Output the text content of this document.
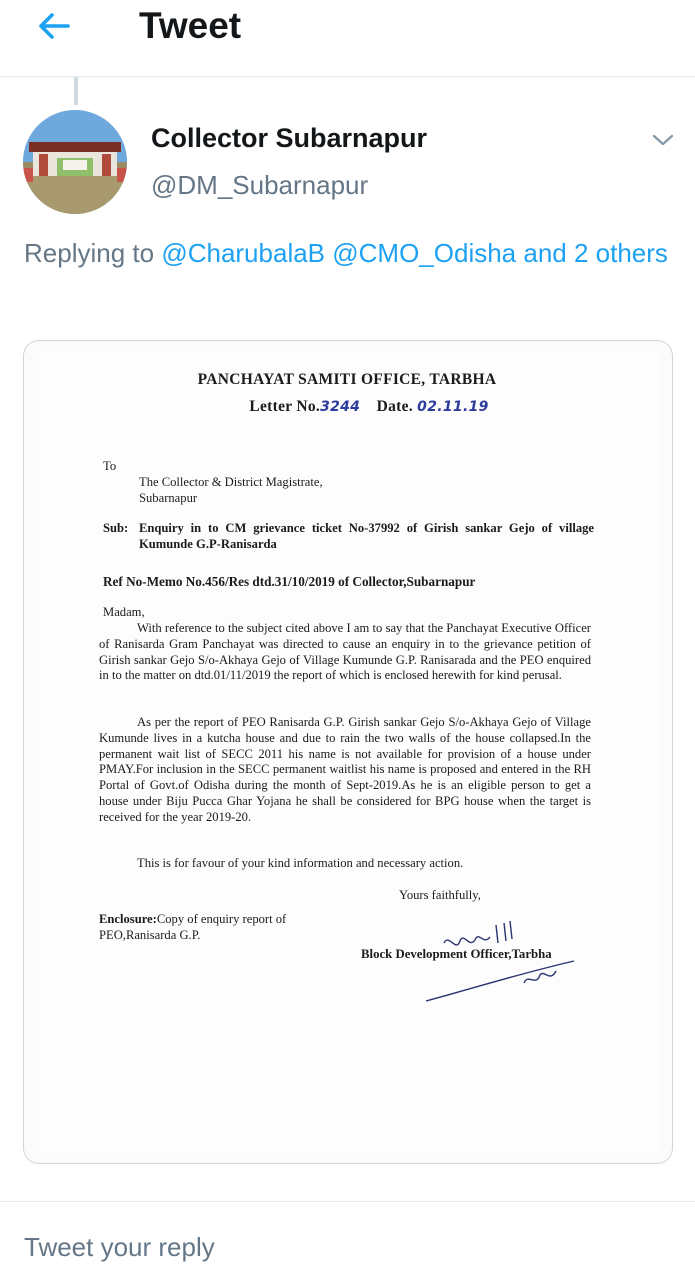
Tweet
Collector Subarnapur
@DM_Subarnapur
Replying to @CharubalaB @CMO_Odisha and 2 others
PANCHAYAT SAMITI OFFICE, TARBHA
Letter No.3244 Date. 02.11.19
To
The Collector & District Magistrate,
Subarnapur
Sub: Enquiry in to CM grievance ticket No-37992 of Girish sankar Gejo of village Kumunde G.P-Ranisarda
Ref No-Memo No.456/Res dtd.31/10/2019 of Collector,Subarnapur
Madam,
With reference to the subject cited above I am to say that the Panchayat Executive Officer of Ranisarda Gram Panchayat was directed to cause an enquiry in to the grievance petition of Girish sankar Gejo S/o-Akhaya Gejo of Village Kumunde G.P. Ranisarada and the PEO enquired in to the matter on dtd.01/11/2019 the report of which is enclosed herewith for kind perusal.
As per the report of PEO Ranisarda G.P. Girish sankar Gejo S/o-Akhaya Gejo of Village Kumunde lives in a kutcha house and due to rain the two walls of the house collapsed.In the permanent wait list of SECC 2011 his name is not available for provision of a house under PMAY.For inclusion in the SECC permanent waitlist his name is proposed and entered in the RH Portal of Govt.of Odisha during the month of Sept-2019.As he is an eligible person to get a house under Biju Pucca Ghar Yojana he shall be considered for BPG house when the target is received for the year 2019-20.
This is for favour of your kind information and necessary action.
Yours faithfully,
Enclosure:Copy of enquiry report of PEO,Ranisarda G.P.
Block Development Officer,Tarbha
Tweet your reply
